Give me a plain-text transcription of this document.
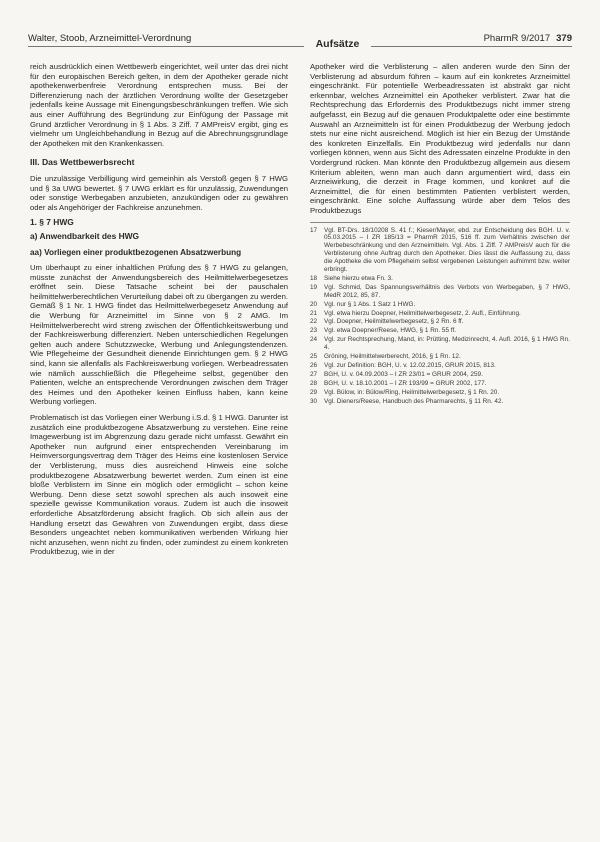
Walter, Stoob, Arzneimittel-Verordnung	Aufsätze	PharmR 9/2017 379

reich ausdrücklich einen Wettbewerb eingerichtet, weil unter das drei nicht für den europäischen Bereich gelten, in dem der Apotheker gerade nicht apothekenwerbenfreie Verordnung entsprechen muss. Bei der Differenzierung nach der ärztlichen Verordnung wollte der Gesetzgeber jedenfalls keine Aussage mit Einengungsbeschränkungen treffen. Wie sich aus einer Aufführung des Begründung zur Einfügung der Passage mit Grund ärztlicher Verordnung in § 1 Abs. 3 Ziff. 7 AMPreisV ergibt, ging es vielmehr um Ungleichbehandlung in Bezug auf die Abrechnungsgrundlage der Apotheken mit den Krankenkassen.

III. Das Wettbewerbsrecht

Die unzulässige Verbilligung wird gemeinhin als Verstoß gegen § 7 HWG und § 3a UWG bewertet. § 7 UWG erklärt es für unzulässig, Zuwendungen oder sonstige Werbegaben anzubieten, anzukündigen oder zu gewähren oder als Angehöriger der Fachkreise anzunehmen.

1. § 7 HWG
a) Anwendbarkeit des HWG
aa) Vorliegen einer produktbezogenen Absatzwerbung

Um überhaupt zu einer inhaltlichen Prüfung des § 7 HWG zu gelangen, müsste zunächst der Anwendungsbereich des Heilmittelwerbegesetzes eröffnet sein. Diese Tatsache scheint bei der pauschalen heilmittelwerberechtlichen Verurteilung dabei oft zu übergangen zu werden. Gemäß § 1 Nr. 1 HWG findet das Heilmittelwerbegesetz Anwendung auf die Werbung für Arzneimittel im Sinne von § 2 AMG. Im Heilmittelwerberecht wird streng zwischen der Öffentlichkeitswerbung und der Fachkreiswerbung differenziert. Neben unterschiedlichen Regelungen gelten auch andere Schutzzwecke, Werbung und Anlegungstendenzen. Wie Pflegeheime der Gesundheit dienende Einrichtungen gem. § 2 HWG sind, kann sie allenfalls als Fachkreiswerbung vorliegen. Werbeadressaten wie nämlich ausschließlich die Pflegeheime selbst, gegenüber den Patienten, welche an entsprechende Verordnungen zwischen dem Träger des Heimes und den Apotheker keinen Einfluss haben, kann keine Werbung vorliegen.

Problematisch ist das Vorliegen einer Werbung i.S.d. § 1 HWG. Darunter ist zusätzlich eine produktbezogene Absatzwerbung zu verstehen. Eine reine Imagewerbung ist im Abgrenzung dazu gerade nicht umfasst. Gewährt ein Apotheker nun aufgrund einer entsprechenden Vereinbarung im Heimversorgungsvertrag dem Träger des Heims eine kostenlosen Service der Verblisterung, muss dies ausreichend Hinweis eine solche produktbezogene Absatzwerbung bewertet werden. Zum einen ist eine bloße Verblistern im Sinne ein möglich oder ermöglicht – schon keine Werbung. Denn diese setzt sowohl sprechen als auch insoweit eine spezielle gewisse Kommunikation voraus. Zudem ist auch die insoweit erforderliche Absatzförderung absicht fraglich. Ob sich allein aus der Handlung ersetzt das Gewähren von Zuwendungen ergibt, dass diese Besonders ungeachtet neben kommunikativen werbenden Wirkung hier nicht anzusehen, wenn nicht zu finden, oder zumindest zu einem konkreten Produktbezug, wie in der

Apotheker wird die Verblisterung – allen anderen wurde den Sinn der Verblisterung ad absurdum führen – kaum auf ein konkretes Arzneimittel eingeschränkt. Für potentielle Werbeadressaten ist abstrakt gar nicht erkennbar, welches Arzneimittel ein Apotheker verblistert. Zwar hat die Rechtsprechung das Erfordernis des Produktbezugs nicht immer streng aufgefasst, ein Bezug auf die genauen Produktpalette oder eine bestimmte Auswahl an Arzneimitteln ist für einen Produktbezug der Werbung jedoch stets nur eine nicht ausreichend. Möglich ist hier ein Bezug der Umstände des konkreten Einzelfalls. Ein Produktbezug wird jedenfalls nur dann vorliegen können, wenn aus Sicht des Adressaten einzelne Produkte in den Vordergrund rücken. Man könnte den Produktbezug allgemein aus diesem Kriterium ableiten, wenn man auch dann argumentiert wird, dass ein Arzneiwirkung, die derzeit in Frage kommen, und konkret auf die Arzneimittel, die für einen bestimmten Patienten verblistert werden, eingeschränkt. Eine solche Auffassung würde aber dem Telos des Produktbezugs

17	Vgl. BT-Drs. 18/10208 S. 41 f.; Kieser/Mayer, ebd. zur Entscheidung des BGH. U. v. 05.03.2015 – I ZR 185/13 = PharmR 2015, 516 ff. zum Verhältnis zwischen der Werbebeschränkung und den Arzneimitteln. Vgl. Abs. 1 Ziff. 7 AMPreisV auch für die Verblisterung ohne Auftrag durch den Apotheker. Dies lässt die Auffassung zu, dass die Apotheke die vom Pflegeheim selbst vergebenen Leistungen aufnimmt bzw. weiter erbringt.
18	Siehe hierzu etwa Fn. 3.
19	Vgl. Schmid, Das Spannungsverhältnis des Verbots von Werbegaben, § 7 HWG, MedR 2012, 85, 87.
20	Vgl. nur § 1 Abs. 1 Satz 1 HWG.
21	Vgl. etwa hierzu Doepner, Heilmittelwerbegesetz, 2. Aufl., Einführung.
22	Vgl. Doepner, Heilmittelwerbegesetz, § 2 Rn. 6 ff.
23	Vgl. etwa Doepner/Reese, HWG, § 1 Rn. 55 ff.
24	Vgl. zur Rechtsprechung, Mand, in: Prütting, Medizinrecht, 4. Aufl. 2016, § 1 HWG Rn. 4.
25	Gröning, Heilmittelwerberecht, 2016, § 1 Rn. 12.
26	Vgl. zur Definition: BGH, U. v. 12.02.2015, GRUR 2015, 813.
27	BGH, U. v. 04.09.2003 – I ZR 23/01 = GRUR 2004, 259.
28	BGH, U. v. 18.10.2001 – I ZR 193/99 = GRUR 2002, 177.
29	Vgl. Bülow, in: Bülow/Ring, Heilmittelwerbegesetz, § 1 Rn. 20.
30	Vgl. Dieners/Reese, Handbuch des Pharmarechts, § 11 Rn. 42.
